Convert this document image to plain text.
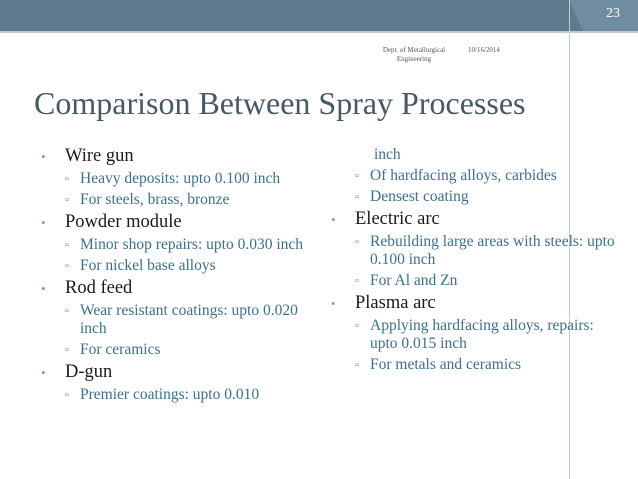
23
Dept. of Metallurgical Engineering
10/16/2014
Comparison Between Spray Processes
• Wire gun
▫ Heavy deposits: upto 0.100 inch
▫ For steels, brass, bronze
• Powder module
▫ Minor shop repairs: upto 0.030 inch
▫ For nickel base alloys
• Rod feed
▫ Wear resistant coatings: upto 0.020 inch
▫ For ceramics
• D-gun
▫ Premier coatings: upto 0.010
inch
▫ Of hardfacing alloys, carbides
▫ Densest coating
• Electric arc
▫ Rebuilding large areas with steels: upto 0.100 inch
▫ For Al and Zn
• Plasma arc
▫ Applying hardfacing alloys, repairs: upto 0.015 inch
▫ For metals and ceramics
